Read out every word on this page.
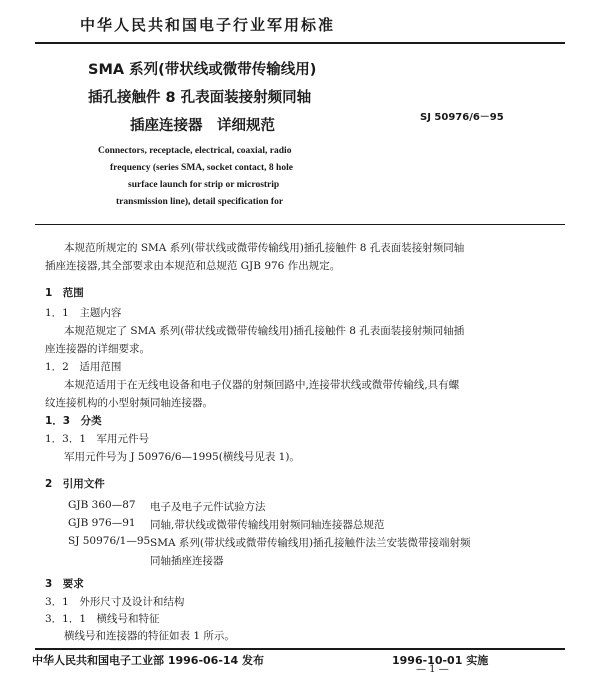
中华人民共和国电子行业军用标准
SMA 系列(带状线或微带传输线用)
插孔接触件 8 孔表面装接射频同轴
插座连接器　详细规范
SJ 50976/6－95
Connectors, receptacle, electrical, coaxial, radio
frequency (series SMA, socket contact, 8 hole
surface launch for strip or microstrip
transmission line), detail specification for
本规范所规定的 SMA 系列(带状线或微带传输线用)插孔接触件 8 孔表面装接射频同轴
插座连接器,其全部要求由本规范和总规范 GJB 976 作出规定。
1　范围
1．1　主题内容
本规范规定了 SMA 系列(带状线或微带传输线用)插孔接触件 8 孔表面装接射频同轴插
座连接器的详细要求。
1．2　适用范围
本规范适用于在无线电设备和电子仪器的射频回路中,连接带状线或微带传输线,具有螺
纹连接机构的小型射频同轴连接器。
1．3　分类
1．3．1　军用元件号
军用元件号为 J 50976/6—1995(横线号见表 1)。
2　引用文件
GJB 360—87 电子及电子元件试验方法
GJB 976—91 同轴,带状线或微带传输线用射频同轴连接器总规范
SJ 50976/1—95 SMA 系列(带状线或微带传输线用)插孔接触件法兰安装微带接端射频
同轴插座连接器
3　要求
3．1　外形尺寸及设计和结构
3．1．1　横线号和特征
横线号和连接器的特征如表 1 所示。
中华人民共和国电子工业部 1996-06-14 发布	1996-10-01 实施
— 1 —
